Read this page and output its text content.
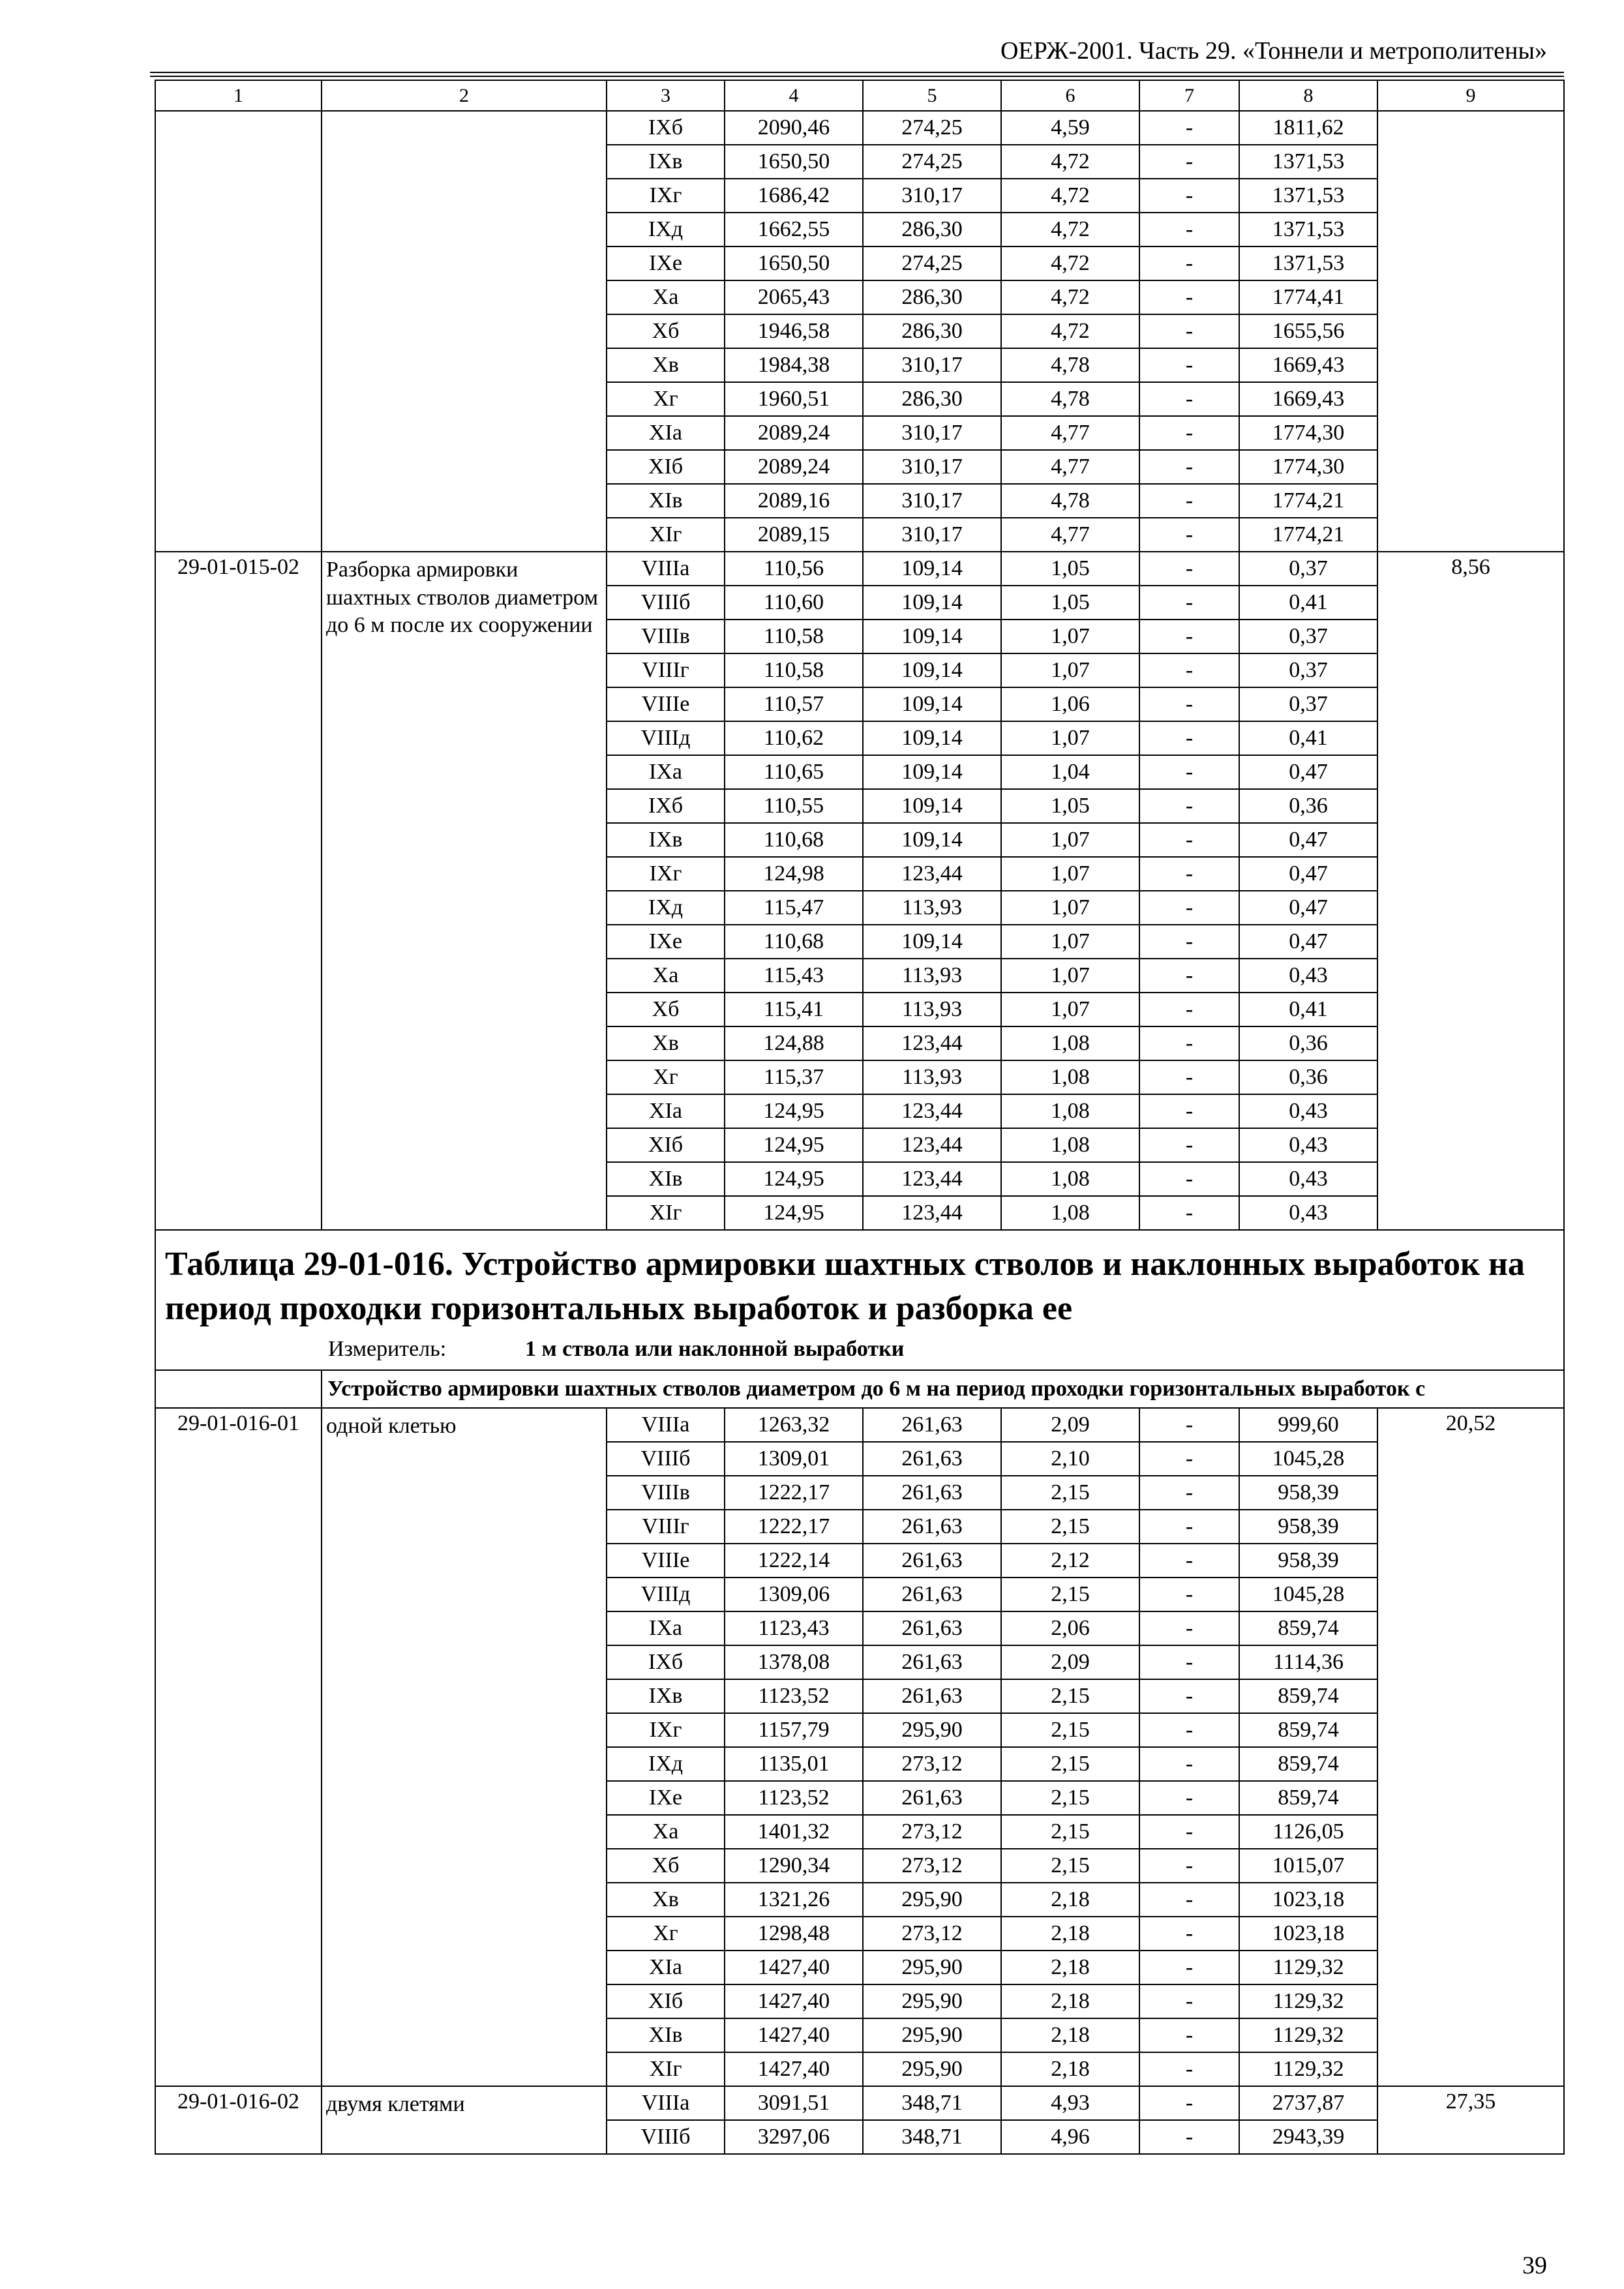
ОЕРЖ-2001. Часть 29. «Тоннели и метрополитены»
1	2	3	4	5	6	7	8	9
		IXб	2090,46	274,25	4,59	-	1811,62	
		IXв	1650,50	274,25	4,72	-	1371,53	
		IXг	1686,42	310,17	4,72	-	1371,53	
		IXд	1662,55	286,30	4,72	-	1371,53	
		IXе	1650,50	274,25	4,72	-	1371,53	
		Xа	2065,43	286,30	4,72	-	1774,41	
		Xб	1946,58	286,30	4,72	-	1655,56	
		Xв	1984,38	310,17	4,78	-	1669,43	
		Xг	1960,51	286,30	4,78	-	1669,43	
		XIа	2089,24	310,17	4,77	-	1774,30	
		XIб	2089,24	310,17	4,77	-	1774,30	
		XIв	2089,16	310,17	4,78	-	1774,21	
		XIг	2089,15	310,17	4,77	-	1774,21	
29-01-015-02	Разборка армировки шахтных стволов диаметром до 6 м после их сооружении	VIIIа	110,56	109,14	1,05	-	0,37	8,56
		VIIIб	110,60	109,14	1,05	-	0,41	
		VIIIв	110,58	109,14	1,07	-	0,37	
		VIIIг	110,58	109,14	1,07	-	0,37	
		VIIIе	110,57	109,14	1,06	-	0,37	
		VIIIд	110,62	109,14	1,07	-	0,41	
		IXа	110,65	109,14	1,04	-	0,47	
		IXб	110,55	109,14	1,05	-	0,36	
		IXв	110,68	109,14	1,07	-	0,47	
		IXг	124,98	123,44	1,07	-	0,47	
		IXд	115,47	113,93	1,07	-	0,47	
		IXе	110,68	109,14	1,07	-	0,47	
		Xа	115,43	113,93	1,07	-	0,43	
		Xб	115,41	113,93	1,07	-	0,41	
		Xв	124,88	123,44	1,08	-	0,36	
		Xг	115,37	113,93	1,08	-	0,36	
		XIа	124,95	123,44	1,08	-	0,43	
		XIб	124,95	123,44	1,08	-	0,43	
		XIв	124,95	123,44	1,08	-	0,43	
		XIг	124,95	123,44	1,08	-	0,43	

Таблица 29-01-016. Устройство армировки шахтных стволов и наклонных выработок на период проходки горизонтальных выработок и разборка ее
Измеритель: 1 м ствола или наклонной выработки								

	Устройство армировки шахтных стволов диаметром до 6 м на период проходки горизонтальных выработок с							
29-01-016-01	одной клетью	VIIIа	1263,32	261,63	2,09	-	999,60	20,52
		VIIIб	1309,01	261,63	2,10	-	1045,28	
		VIIIв	1222,17	261,63	2,15	-	958,39	
		VIIIг	1222,17	261,63	2,15	-	958,39	
		VIIIе	1222,14	261,63	2,12	-	958,39	
		VIIIд	1309,06	261,63	2,15	-	1045,28	
		IXа	1123,43	261,63	2,06	-	859,74	
		IXб	1378,08	261,63	2,09	-	1114,36	
		IXв	1123,52	261,63	2,15	-	859,74	
		IXг	1157,79	295,90	2,15	-	859,74	
		IXд	1135,01	273,12	2,15	-	859,74	
		IXе	1123,52	261,63	2,15	-	859,74	
		Xа	1401,32	273,12	2,15	-	1126,05	
		Xб	1290,34	273,12	2,15	-	1015,07	
		Xв	1321,26	295,90	2,18	-	1023,18	
		Xг	1298,48	273,12	2,18	-	1023,18	
		XIа	1427,40	295,90	2,18	-	1129,32	
		XIб	1427,40	295,90	2,18	-	1129,32	
		XIв	1427,40	295,90	2,18	-	1129,32	
		XIг	1427,40	295,90	2,18	-	1129,32	
29-01-016-02	двумя клетями	VIIIа	3091,51	348,71	4,93	-	2737,87	27,35
		VIIIб	3297,06	348,71	4,96	-	2943,39	
39
